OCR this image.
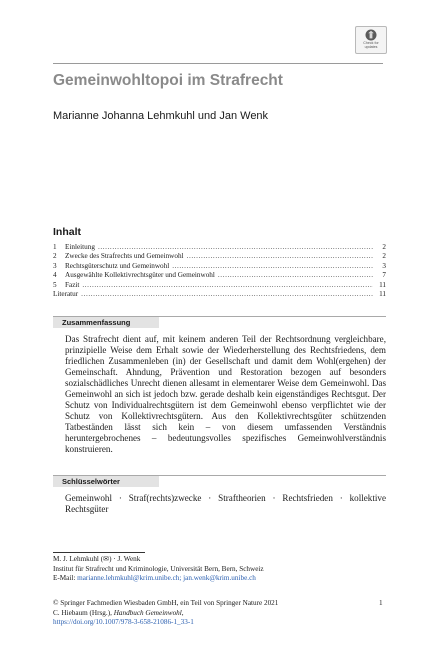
Check for
updates
Gemeinwohltopoi im Strafrecht
Marianne Johanna Lehmkuhl und Jan Wenk
Inhalt
1	Einleitung .....	2
2	Zwecke des Strafrechts und Gemeinwohl .....	2
3	Rechtsgüterschutz und Gemeinwohl .....	3
4	Ausgewählte Kollektivrechtsgüter und Gemeinwohl .....	7
5	Fazit .....	11
Literatur .....	11
Zusammenfassung
Das Strafrecht dient auf, mit keinem anderen Teil der Rechtsordnung vergleichbare, prinzipielle Weise dem Erhalt sowie der Wiederherstellung des Rechtsfriedens, dem friedlichen Zusammenleben (in) der Gesellschaft und damit dem Wohl(ergehen) der Gemeinschaft. Ahndung, Prävention und Restoration bezogen auf besonders sozialschädliches Unrecht dienen allesamt in elementarer Weise dem Gemeinwohl. Das Gemeinwohl an sich ist jedoch bzw. gerade deshalb kein eigenständiges Rechtsgut. Der Schutz von Individualrechtsgütern ist dem Gemeinwohl ebenso verpflichtet wie der Schutz von Kollektivrechtsgütern. Aus den Kollektivrechtsgüter schützenden Tatbeständen lässt sich kein – von diesem umfassenden Verständnis heruntergebrochenes – bedeutungsvolles spezifisches Gemeinwohlverständnis konstruieren.
Schlüsselwörter
Gemeinwohl · Straf(rechts)zwecke · Straftheorien · Rechtsfrieden · kollektive Rechtsgüter
M. J. Lehmkuhl (✉) · J. Wenk
Institut für Strafrecht und Kriminologie, Universität Bern, Bern, Schweiz
E-Mail: marianne.lehmkuhl@krim.unibe.ch; jan.wenk@krim.unibe.ch
© Springer Fachmedien Wiesbaden GmbH, ein Teil von Springer Nature 2021	1
C. Hiebaum (Hrsg.), Handbuch Gemeinwohl,
https://doi.org/10.1007/978-3-658-21086-1_33-1
